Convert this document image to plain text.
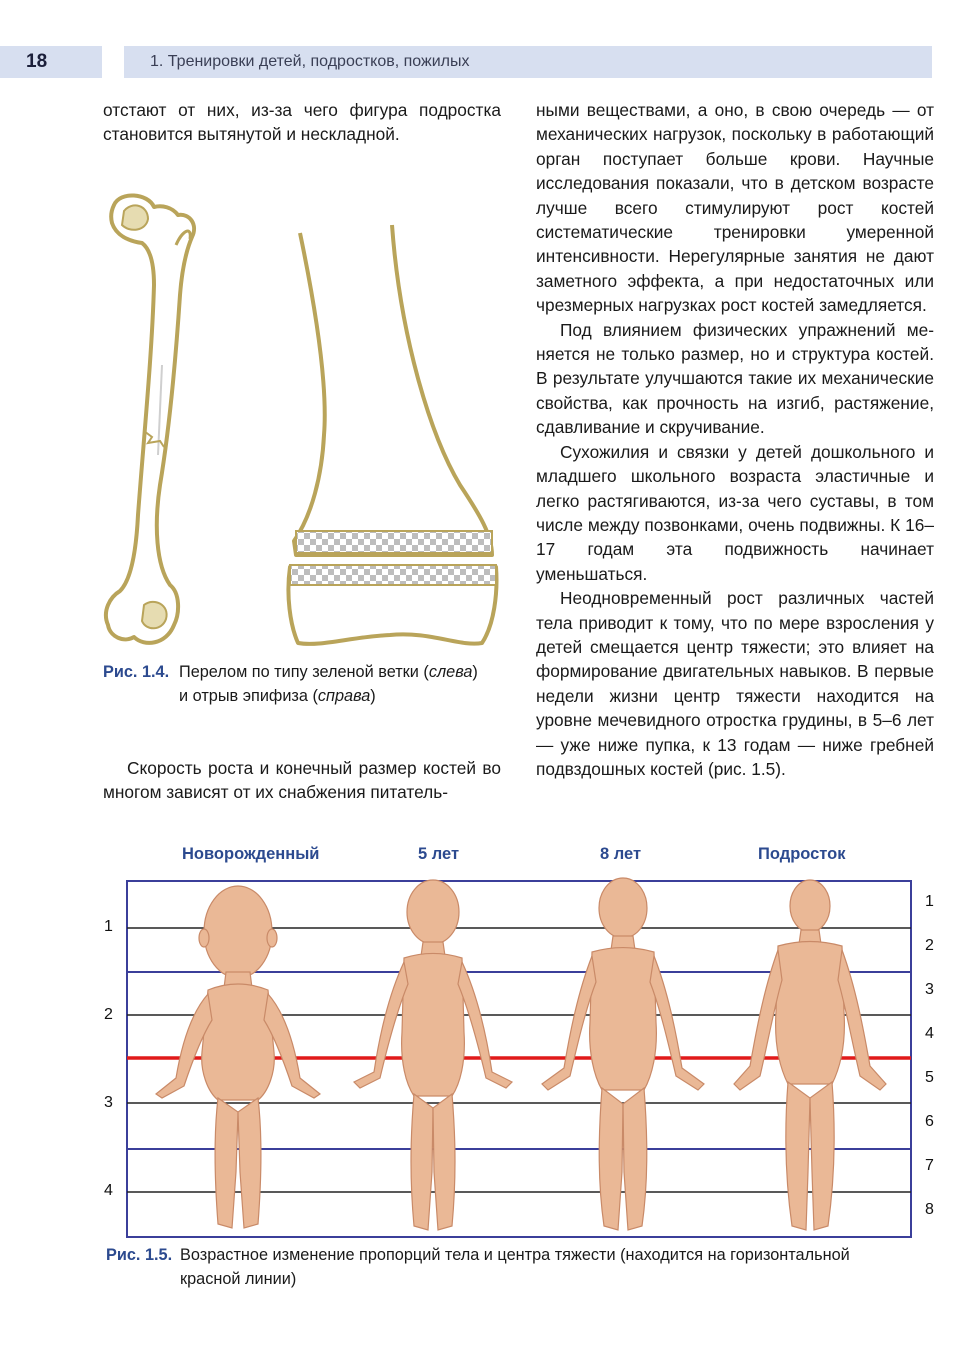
18	1. Тренировки детей, подростков, пожилых

отстают от них, из-за чего фигура подростка становится вытянутой и нескладной.

Рис. 1.4. Перелом по типу зеленой ветки (слева)
и отрыв эпифиза (справа)

Скорость роста и конечный размер костей во многом зависят от их снабжения питатель-

ными веществами, а оно, в свою очередь — от механических нагрузок, поскольку в работающий орган поступает больше крови. Научные исследования показали, что в детском возрасте лучше всего стимулируют рост костей систематические тренировки умеренной интенсивности. Нерегулярные занятия не дают заметного эффекта, а при недостаточных или чрезмерных нагрузках рост костей замедляется.

Под влиянием физических упражнений меняется не только размер, но и структура костей. В результате улучшаются такие их механические свойства, как прочность на изгиб, растяжение, сдавливание и скручивание.

Сухожилия и связки у детей дошкольного и младшего школьного возраста эластичные и легко растягиваются, из-за чего суставы, в том числе между позвонками, очень подвижны. К 16–17 годам эта подвижность начинает уменьшаться.

Неодновременный рост различных частей тела приводит к тому, что по мере взросления у детей смещается центр тяжести; это влияет на формирование двигательных навыков. В первые недели жизни центр тяжести находится на уровне мечевидного отростка грудины, в 5–6 лет — уже ниже пупка, к 13 годам — ниже гребней подвздошных костей (рис. 1.5).

Новорожденный	5 лет	8 лет	Подросток
1
2
3
4
1
2
3
4
5
6
7
8
Рис. 1.5. Возрастное изменение пропорций тела и центра тяжести (находится на горизонтальной
красной линии)
